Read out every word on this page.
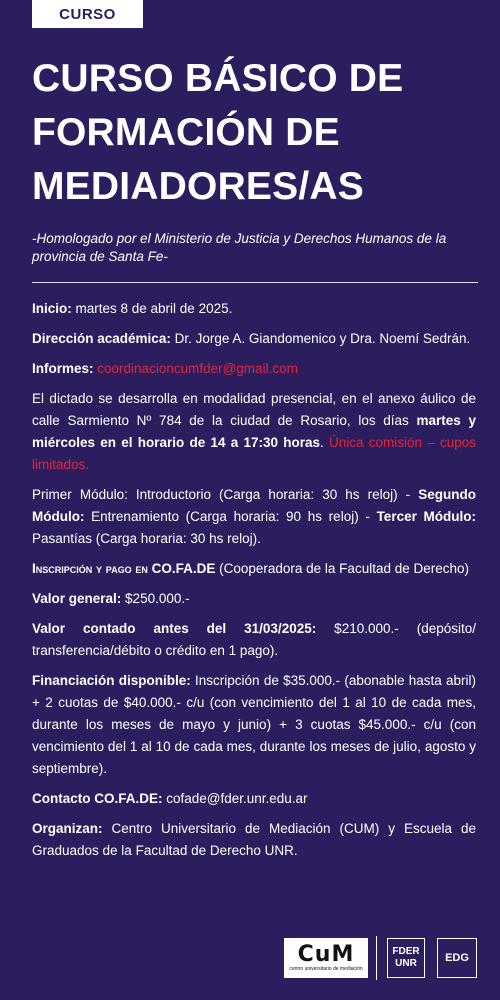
CURSO
CURSO BÁSICO DE
FORMACIÓN DE
MEDIADORES/AS

-Homologado por el Ministerio de Justicia y Derechos Humanos de la provincia de Santa Fe-

Inicio: martes 8 de abril de 2025.

Dirección académica: Dr. Jorge A. Giandomenico y Dra. Noemí Sedrán.

Informes: coordinacioncumfder@gmail.com

El dictado se desarrolla en modalidad presencial, en el anexo áulico de calle Sarmiento Nº 784 de la ciudad de Rosario, los días martes y miércoles en el horario de 14 a 17:30 horas. Única comisión – cupos limitados.

Primer Módulo: Introductorio (Carga horaria: 30 hs reloj) - Segundo Módulo: Entrenamiento (Carga horaria: 90 hs reloj) - Tercer Módulo: Pasantías (Carga horaria: 30 hs reloj).

Inscripción y pago en CO.FA.DE (Cooperadora de la Facultad de Derecho)

Valor general: $250.000.-

Valor contado antes del 31/03/2025: $210.000.- (depósito/ transferencia/débito o crédito en 1 pago).

Financiación disponible: Inscripción de $35.000.- (abonable hasta abril) + 2 cuotas de $40.000.- c/u (con vencimiento del 1 al 10 de cada mes, durante los meses de mayo y junio) + 3 cuotas $45.000.- c/u (con vencimiento del 1 al 10 de cada mes, durante los meses de julio, agosto y septiembre).

Contacto CO.FA.DE: cofade@fder.unr.edu.ar

Organizan: Centro Universitario de Mediación (CUM) y Escuela de Graduados de la Facultad de Derecho UNR.

CuM
centro universitario de mediación
FDER
UNR	EDG
